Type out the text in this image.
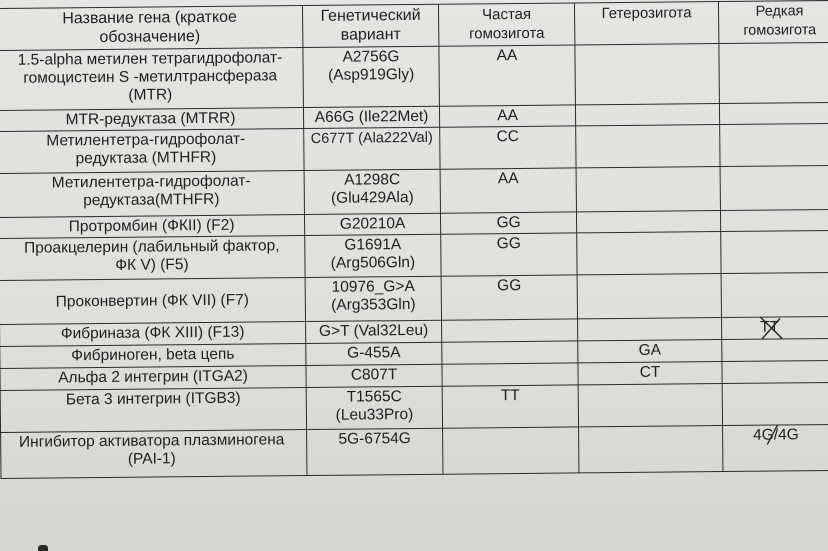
Название гена (краткое обозначение)	Генетический вариант	Частая гомозигота	Гетерозигота	Редкая гомозигота
1.5-alpha метилен тетрагидрофолат-гомоцистеин S -метилтрансфераза (MTR)	A2756G (Asp919Gly)	AA		
MTR-редуктаза (MTRR)	A66G (Ile22Met)	AA		
Метилентетра-гидрофолат-редуктаза (MTHFR)	C677T (Ala222Val)	CC		
Метилентетра-гидрофолат-редуктаза(MTHFR)	A1298C (Glu429Ala)	AA		
Протромбин (ФКII) (F2)	G20210A	GG		
Проакцелерин (лабильный фактор, ФК V) (F5)	G1691A (Arg506Gln)	GG		
Проконвертин (ФК VII) (F7)	10976_G>A (Arg353Gln)	GG		
Фибриназа (ФК XIII) (F13)	G>T (Val32Leu)			TT

Фибриноген, beta цепь	G-455A		GA	
Альфа 2 интегрин (ITGA2)	C807T		CT	
Бета 3 интегрин (ITGB3)	T1565C (Leu33Pro)	TT		
Ингибитор активатора плазминогена (PAI-1)	5G-6754G			4G/4G
